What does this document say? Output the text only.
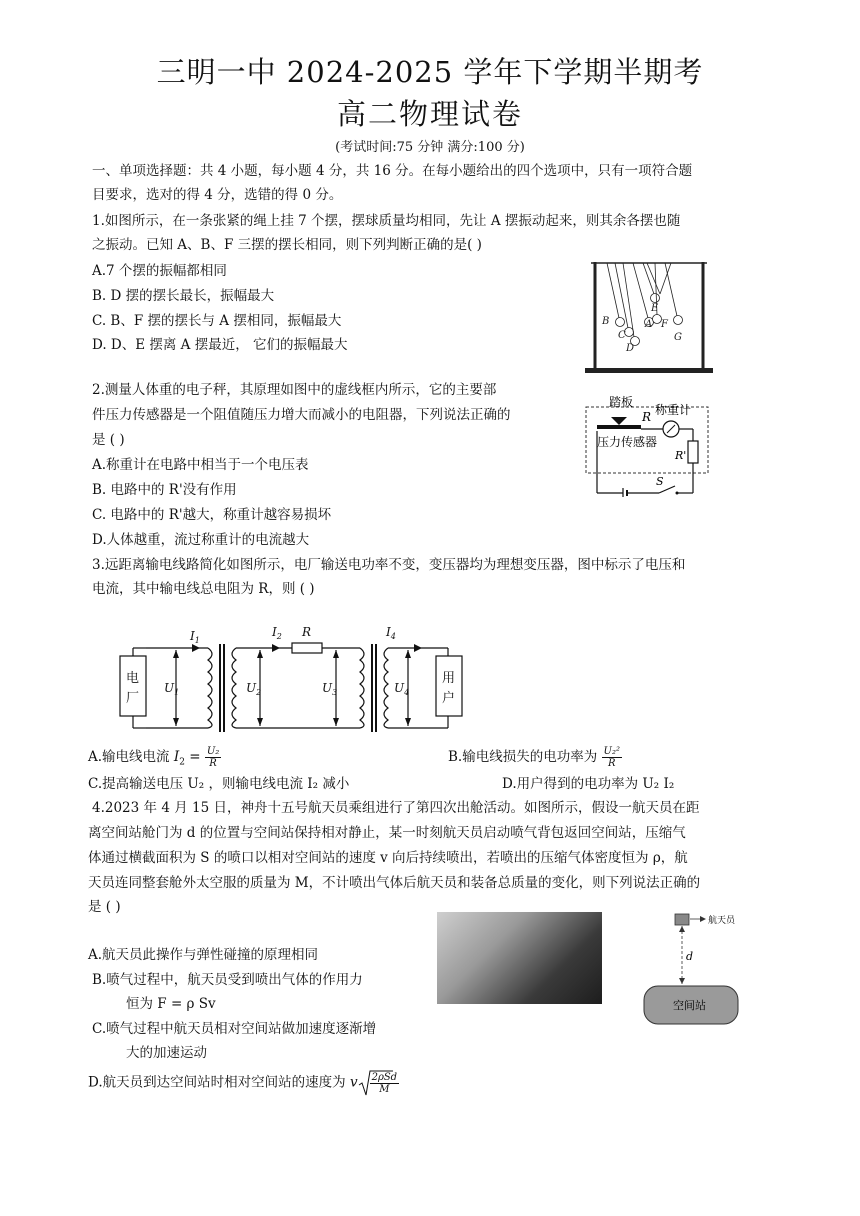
三明一中 2024-2025 学年下学期半期考
高二物理试卷
(考试时间:75 分钟 满分:100 分)
一、单项选择题：共 4 小题，每小题 4 分，共 16 分。在每小题给出的四个选项中，只有一项符合题
目要求，选对的得 4 分，选错的得 0 分。
1.如图所示，在一条张紧的绳上挂 7 个摆，摆球质量均相同，先让 A 摆振动起来，则其余各摆也随
之振动。已知 A、B、F 三摆的摆长相同，则下列判断正确的是( )
A.7 个摆的振幅都相同
B. D 摆的摆长最长，振幅最大
C. B、F 摆的摆长与 A 摆相同，振幅最大
D. D、E 摆离 A 摆最近， 它们的振幅最大
B
C
D
A
E
F
G
2.测量人体重的电子秤，其原理如图中的虚线框内所示，它的主要部
件压力传感器是一个阻值随压力增大而减小的电阻器，下列说法正确的
是 ( )
A.称重计在电路中相当于一个电压表
B. 电路中的 R'没有作用
C. 电路中的 R'越大，称重计越容易损坏
D.人体越重，流过称重计的电流越大
踏板
R 称重计
压力传感器
R'
S
3.远距离输电线路简化如图所示，电厂输送电功率不变，变压器均为理想变压器，图中标示了电压和
电流，其中输电线总电阻为 R，则 ( )
电
厂
用
户
$I_1$
$I_2$ R	$I_4$
$U_1$	$U_2$	$U_3$	$U_4$
A.输电线电流 $I_2 = \frac{\text{U₂}}{R}$	B.输电线损失的电功率为 $\frac{\text{U₂²}}{R}$
C.提高输送电压 U₂ ，则输电线电流 I₂ 减小	D.用户得到的电功率为 U₂ I₂
4.2023 年 4 月 15 日，神舟十五号航天员乘组进行了第四次出舱活动。如图所示，假设一航天员在距
离空间站舱门为 d 的位置与空间站保持相对静止，某一时刻航天员启动喷气背包返回空间站，压缩气
体通过横截面积为 S 的喷口以相对空间站的速度 v 向后持续喷出，若喷出的压缩气体密度恒为 ρ，航
天员连同整套舱外太空服的质量为 M，不计喷出气体后航天员和装备总质量的变化，则下列说法正确的
是 ( )
A.航天员此操作与弹性碰撞的原理相同
B.喷气过程中，航天员受到喷出气体的作用力
恒为 F = ρ Sv
C.喷气过程中航天员相对空间站做加速度逐渐增
大的加速运动
D.航天员到达空间站时相对空间站的速度为 v $\frac{\text{2ρSd}}{M}$
航天员
d
空间站
